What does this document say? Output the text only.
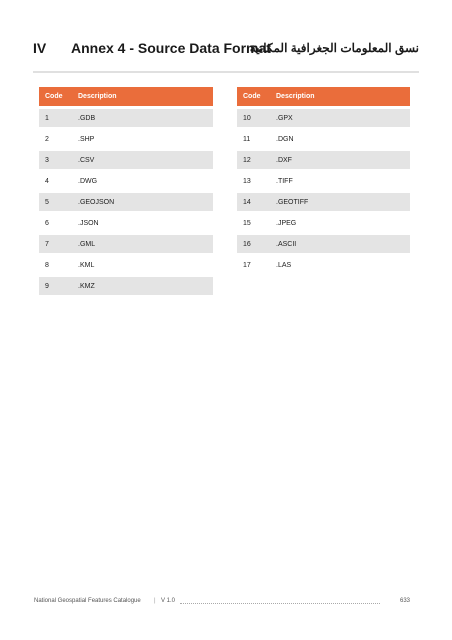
IV Annex 4 - Source Data Format
نسق المعلومات الجغرافية المكانية
Code	Description
1	.GDB
2	.SHP
3	.CSV
4	.DWG
5	.GEOJSON
6	.JSON
7	.GML
8	.KML
9	.KMZ
Code	Description
10	.GPX
11	.DGN
12	.DXF
13	.TIFF
14	.GEOTIFF
15	.JPEG
16	.ASCII
17	.LAS
National Geospatial Features Catalogue | V 1.0	633
